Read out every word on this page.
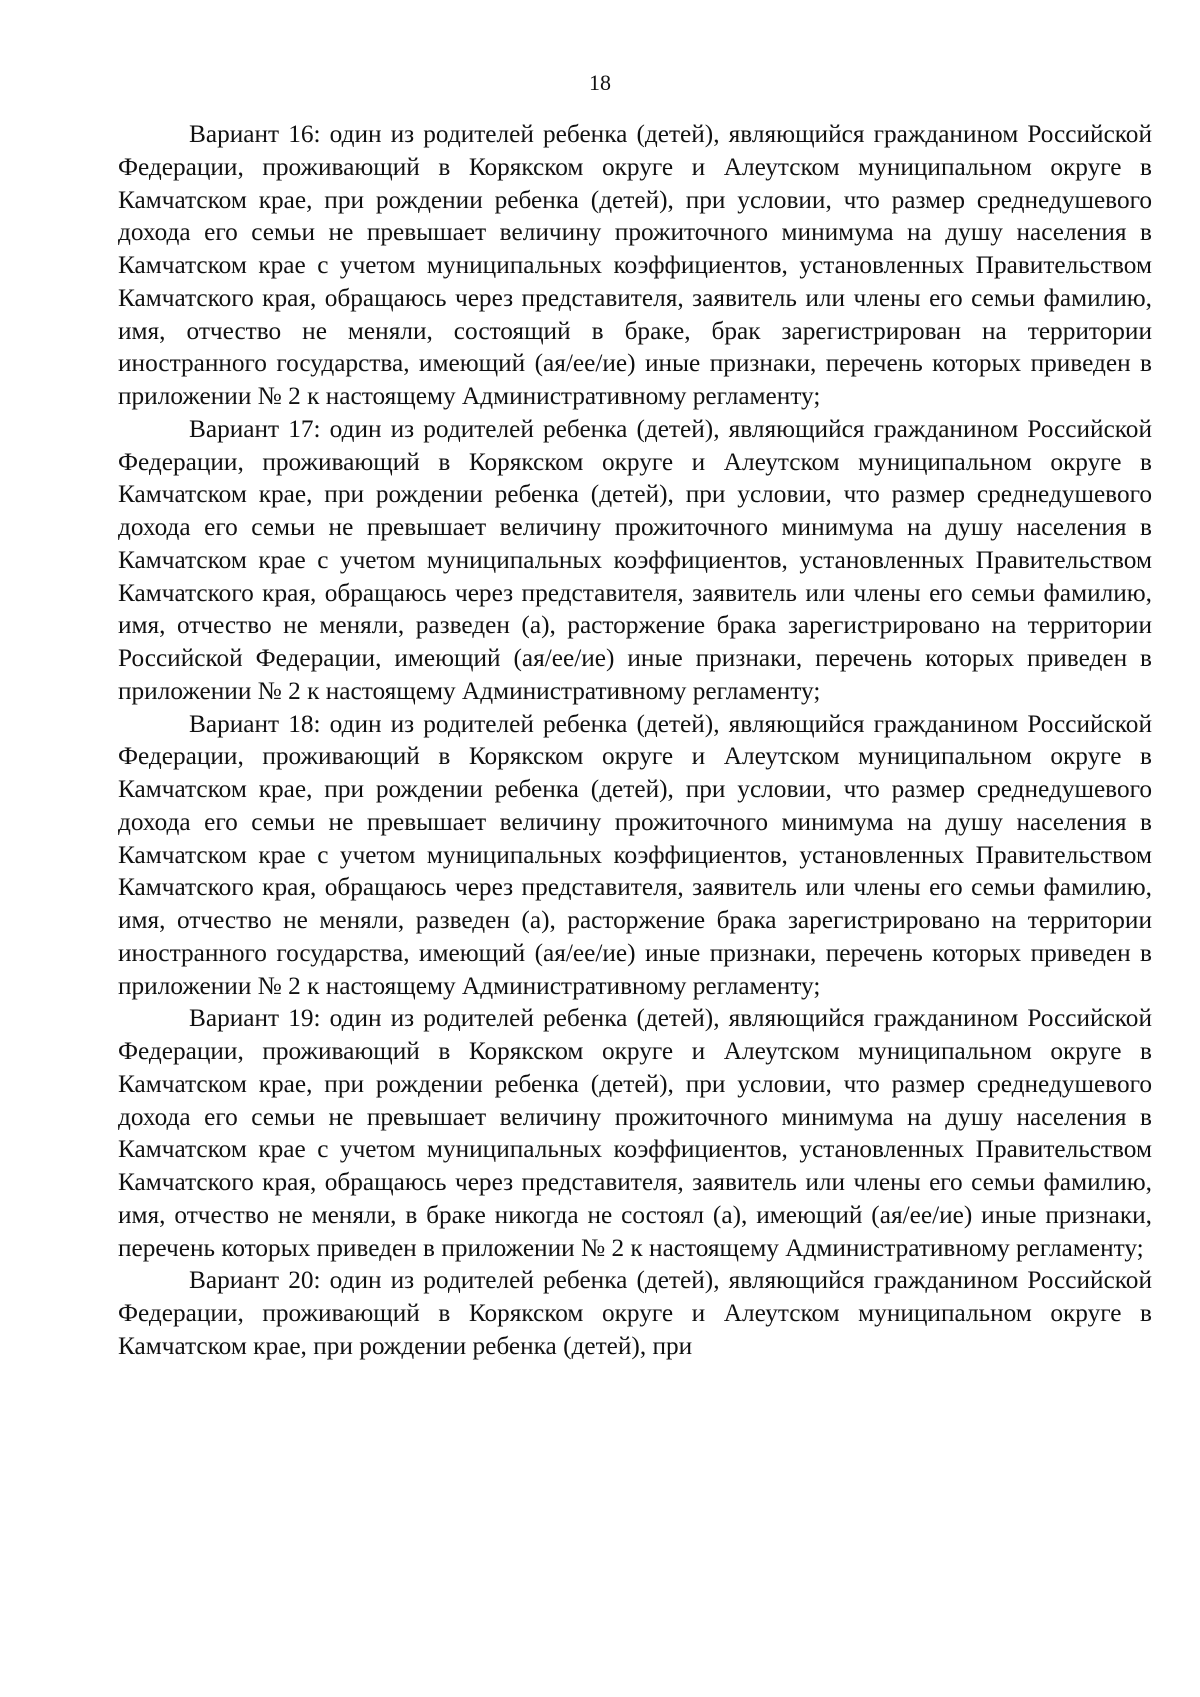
18

Вариант 16: один из родителей ребенка (детей), являющийся гражданином Российской Федерации, проживающий в Корякском округе и Алеутском муниципальном округе в Камчатском крае, при рождении ребенка (детей), при условии, что размер среднедушевого дохода его семьи не превышает величину прожиточного минимума на душу населения в Камчатском крае с учетом муниципальных коэффициентов, установленных Правительством Камчатского края, обращаюсь через представителя, заявитель или члены его семьи фамилию, имя, отчество не меняли, состоящий в браке, брак зарегистрирован на территории иностранного государства, имеющий (ая/ее/ие) иные признаки, перечень которых приведен в приложении № 2 к настоящему Административному регламенту;

Вариант 17: один из родителей ребенка (детей), являющийся гражданином Российской Федерации, проживающий в Корякском округе и Алеутском муниципальном округе в Камчатском крае, при рождении ребенка (детей), при условии, что размер среднедушевого дохода его семьи не превышает величину прожиточного минимума на душу населения в Камчатском крае с учетом муниципальных коэффициентов, установленных Правительством Камчатского края, обращаюсь через представителя, заявитель или члены его семьи фамилию, имя, отчество не меняли, разведен (а), расторжение брака зарегистрировано на территории Российской Федерации, имеющий (ая/ее/ие) иные признаки, перечень которых приведен в приложении № 2 к настоящему Административному регламенту;

Вариант 18: один из родителей ребенка (детей), являющийся гражданином Российской Федерации, проживающий в Корякском округе и Алеутском муниципальном округе в Камчатском крае, при рождении ребенка (детей), при условии, что размер среднедушевого дохода его семьи не превышает величину прожиточного минимума на душу населения в Камчатском крае с учетом муниципальных коэффициентов, установленных Правительством Камчатского края, обращаюсь через представителя, заявитель или члены его семьи фамилию, имя, отчество не меняли, разведен (а), расторжение брака зарегистрировано на территории иностранного государства, имеющий (ая/ее/ие) иные признаки, перечень которых приведен в приложении № 2 к настоящему Административному регламенту;

Вариант 19: один из родителей ребенка (детей), являющийся гражданином Российской Федерации, проживающий в Корякском округе и Алеутском муниципальном округе в Камчатском крае, при рождении ребенка (детей), при условии, что размер среднедушевого дохода его семьи не превышает величину прожиточного минимума на душу населения в Камчатском крае с учетом муниципальных коэффициентов, установленных Правительством Камчатского края, обращаюсь через представителя, заявитель или члены его семьи фамилию, имя, отчество не меняли, в браке никогда не состоял (а), имеющий (ая/ее/ие) иные признаки, перечень которых приведен в приложении № 2 к настоящему Административному регламенту;

Вариант 20: один из родителей ребенка (детей), являющийся гражданином Российской Федерации, проживающий в Корякском округе и Алеутском муниципальном округе в Камчатском крае, при рождении ребенка (детей), при
